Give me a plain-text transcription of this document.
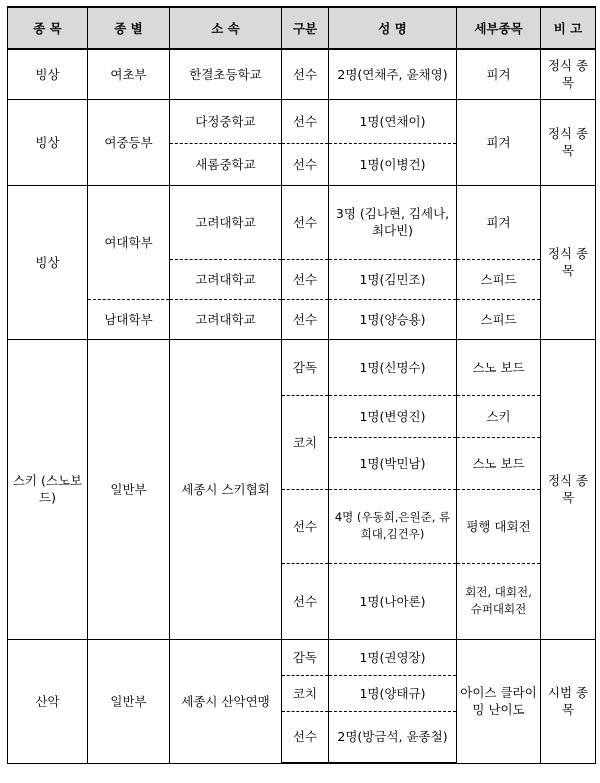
종 목	종 별	소 속	구분	성 명	세부종목	비 고
빙상	여초부	한결초등학교	선수	2명(연채주, 윤채영)	피겨	정식 종목
빙상	여중등부	다정중학교	선수	1명(연채이)	피겨	정식 종목
		새롬중학교	선수	1명(이병건)		
빙상	여대학부	고려대학교	선수	3명 (김나현, 김세나, 최다빈)	피겨	정식 종목
		고려대학교	선수	1명(김민조)	스피드	
	남대학부	고려대학교	선수	1명(양승용)	스피드	
스키 (스노보드)	일반부	세종시 스키협회	감독	1명(신명수)	스노 보드	정식 종목
			코치	1명(변영진)	스키	
				1명(박민남)	스노 보드	
			선수	4명 (우동희,은원준, 류희대,김건우)	평행 대회전	
			선수	1명(나아론)	회전, 대회전, 슈퍼대회전	
산악	일반부	세종시 산악연맹	감독	1명(권영장)	아이스 클라이밍 난이도	시범 종목
			코치	1명(양태규)		
			선수	2명(방금석, 윤종철)		
